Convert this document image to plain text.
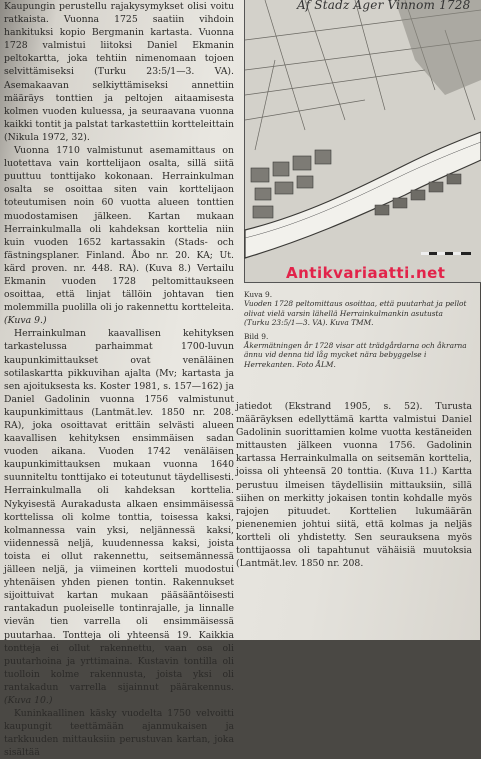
Kaupungin perustellu rajakysymykset olisi voitu ratkaista. Vuonna 1725 saatiin vihdoin hankituksi kopio Bergmanin kartasta. Vuonna 1728 valmistui liitoksi Daniel Ekmanin peltokartta, joka tehtiin nimenomaan tojoen selvittämiseksi (Turku 23:5/1—3. VA). Asemakaavan selkiyttämiseksi annettiin määräys tonttien ja peltojen aitaamisesta kolmen vuoden kuluessa, ja seuraavana vuonna kaikki tontit ja palstat tarkastettiin kortteleittain (Nikula 1972, 32).

Vuonna 1710 valmistunut asemamittaus on luotettava vain korttelijaon osalta, sillä siitä puuttuu tonttijako kokonaan. Herrainkulman osalta se osoittaa siten vain korttelijaon toteutumisen noin 60 vuotta alueen tonttien muodostamisen jälkeen. Kartan mukaan Herrainkulmalla oli kahdeksan korttelia niin kuin vuoden 1652 kartassakin (Stads- och fästningsplaner. Finland. Åbo nr. 20. KA; Ut. kärd proven. nr. 448. RA). (Kuva 8.) Vertailu Ekmanin vuoden 1728 peltomittaukseen osoittaa, että linjat tällöin johtavan tien molemmilla puolilla oli jo rakennettu kortteleita. (Kuva 9.)

Herrainkulman kaavallisen kehityksen tarkastelussa parhaimmat 1700-luvun kaupunkimittaukset ovat venäläinen sotilaskartta pikkuvihan ajalta (Mv; kartasta ja sen ajoituksesta ks. Koster 1981, s. 157—162) ja Daniel Gadolinin vuonna 1756 valmistunut kaupunkimittaus (Lantmät.lev. 1850 nr. 208. RA), joka osoittavat erittäin selvästi alueen kaavallisen kehityksen ensimmäisen sadan vuoden aikana. Vuoden 1742 venäläisen kaupunkimittauksen mukaan vuonna 1640 suunniteltu tonttijako ei toteutunut täydellisesti. Herrainkulmalla oli kahdeksan korttelia. Nykyisestä Aurakadusta alkaen ensimmäisessä korttelissa oli kolme tonttia, toisessa kaksi, kolmannessa vain yksi, neljännessä kaksi, viidennessä neljä, kuudennessa kaksi, joista toista ei ollut rakennettu, seitsemännessä jälleen neljä, ja viimeinen kortteli muodostui yhtenäisen yhden pienen tontin. Rakennukset sijoittuivat kartan mukaan pääsääntöisesti rantakadun puoleiselle tontinrajalle, ja linnalle vievän tien varrella oli ensimmäisessä puutarhaa. Tontteja oli yhteensä 19. Kaikkia tontteja ei ollut rakennettu, vaan osa oli puutarhoina ja yrttimaina. Kustavin tontilla oli tuolloin kolme rakennusta, joista yksi oli rantakadun varrella sijainnut päärakennus. (Kuva 10.)

Kuninkaallinen käsky vuodelta 1750 velvoitti kaupungit teettämään ajanmukaisen ja tarkkuuden mittauksiin perustuvan kartan, joka sisältää

Af Stadz Ager Vinnom 1728
Antikvariaatti.net
Kuva 9.
Vuoden 1728 peltomittaus osoittaa, että puutarhat ja pellot olivat vielä varsin lähellä Herrainkulmankin asutusta (Turku 23:5/1—3. VA). Kuva TMM.
Bild 9.
Åkermätningen år 1728 visar att trädgårdarna och åkrarna ännu vid denna tid låg mycket nära bebyggelse i Herrekanten. Foto ÅLM.

jatiedot (Ekstrand 1905, s. 52). Turusta määräyksen edellyttämä kartta valmistui Daniel Gadolinin suorittamien kolme vuotta kestäneiden mittausten jälkeen vuonna 1756. Gadolinin kartassa Herrainkulmalla on seitsemän korttelia, joissa oli yhteensä 20 tonttia. (Kuva 11.) Kartta perustuu ilmeisen täydellisiin mittauksiin, sillä siihen on merkitty jokaisen tontin kohdalle myös rajojen pituudet. Korttelien lukumäärän pienenemien johtui siitä, että kolmas ja neljäs kortteli oli yhdistetty. Sen seurauksena myös tonttijaossa oli tapahtunut vähäisiä muutoksia (Lantmät.lev. 1850 nr. 208.
